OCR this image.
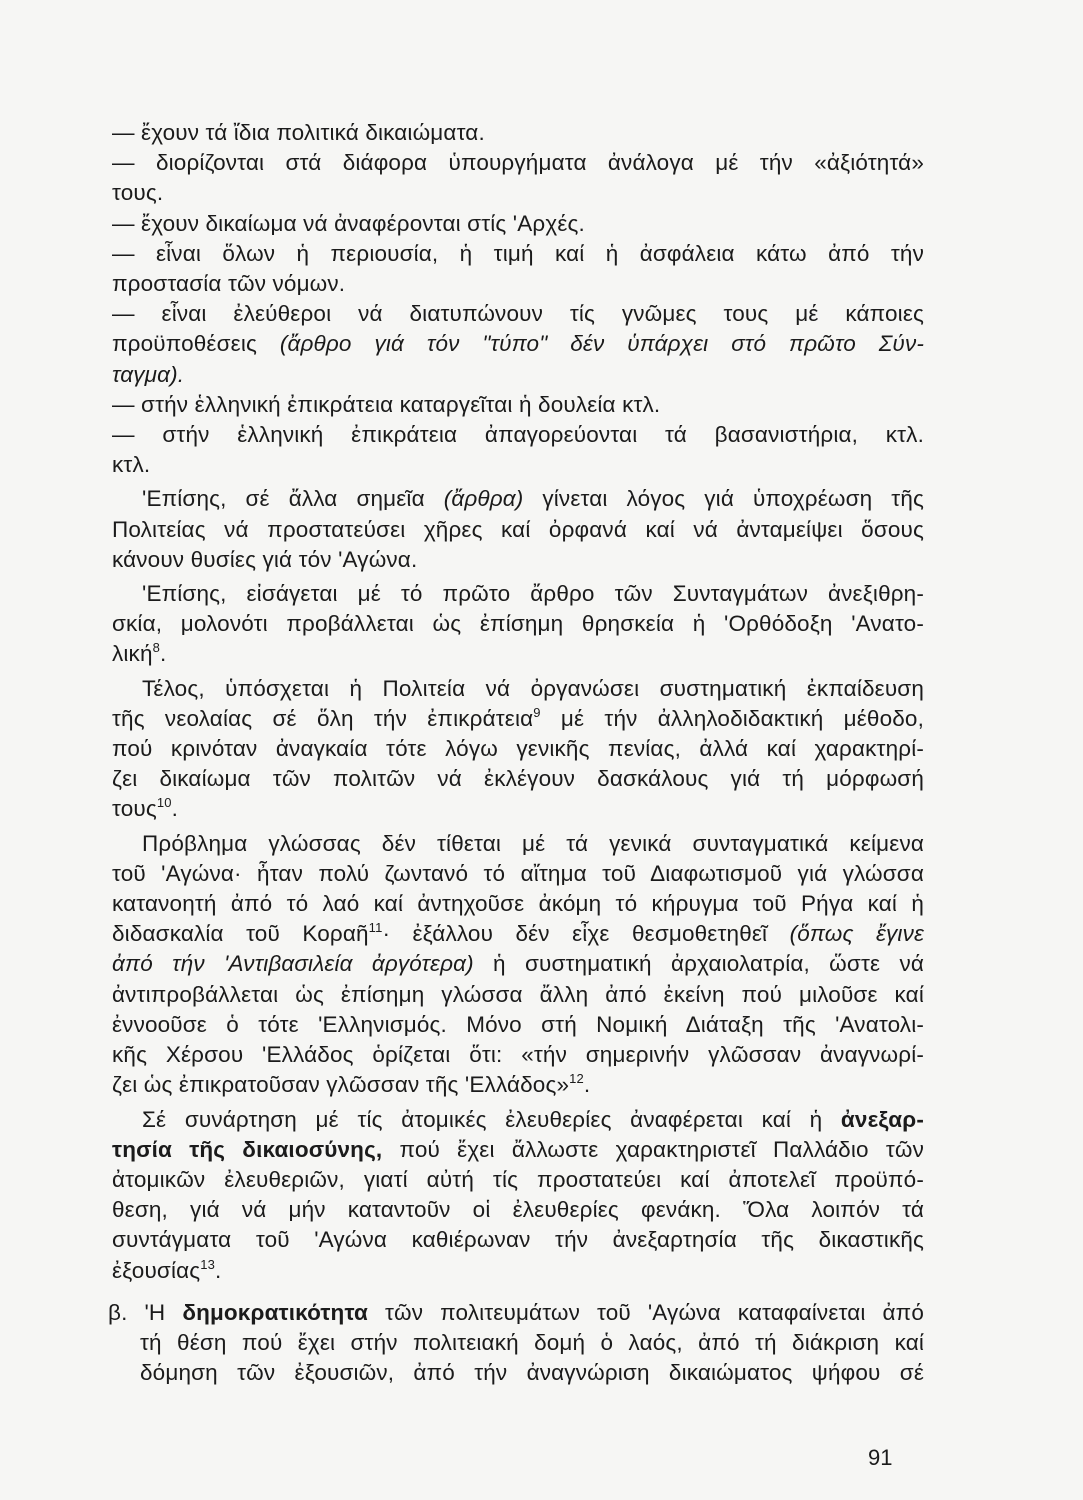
— ἔχουν τά ἴδια πολιτικά δικαιώματα.

— διορίζονται στά διάφορα ὑπουργήματα ἀνάλογα μέ τήν «ἀξιότητά»

τους.

— ἔχουν δικαίωμα νά ἀναφέρονται στίς 'Αρχές.

— εἶναι ὅλων ἡ περιουσία, ἡ τιμή καί ἡ ἀσφάλεια κάτω ἀπό τήν

προστασία τῶν νόμων.

— εἶναι ἐλεύθεροι νά διατυπώνουν τίς γνῶμες τους μέ κάποιες

προϋποθέσεις (ἄρθρο γιά τόν "τύπο" δέν ὑπάρχει στό πρῶτο Σύν-

ταγμα).

— στήν ἑλληνική ἐπικράτεια καταργεῖται ἡ δουλεία κτλ.

— στήν ἑλληνική ἐπικράτεια ἀπαγορεύονται τά βασανιστήρια, κτλ.

κτλ.

'Επίσης, σέ ἄλλα σημεῖα (ἄρθρα) γίνεται λόγος γιά ὑποχρέωση τῆς

Πολιτείας νά προστατεύσει χῆρες καί ὀρφανά καί νά ἀνταμείψει ὅσους

κάνουν θυσίες γιά τόν 'Αγώνα.

'Επίσης, εἰσάγεται μέ τό πρῶτο ἄρθρο τῶν Συνταγμάτων ἀνεξιθρη-

σκία, μολονότι προβάλλεται ὡς ἐπίσημη θρησκεία ἡ 'Ορθόδοξη 'Ανατο-

λική$^8$.

Τέλος, ὑπόσχεται ἡ Πολιτεία νά ὀργανώσει συστηματική ἐκπαίδευση

τῆς νεολαίας σέ ὅλη τήν ἐπικράτεια$^9$ μέ τήν ἀλληλοδιδακτική μέθοδο,

πού κρινόταν ἀναγκαία τότε λόγω γενικῆς πενίας, ἀλλά καί χαρακτηρί-

ζει δικαίωμα τῶν πολιτῶν νά ἐκλέγουν δασκάλους γιά τή μόρφωσή

τους$^{10}$.

Πρόβλημα γλώσσας δέν τίθεται μέ τά γενικά συνταγματικά κείμενα

τοῦ 'Αγώνα· ἦταν πολύ ζωντανό τό αἴτημα τοῦ Διαφωτισμοῦ γιά γλώσσα

κατανοητή ἀπό τό λαό καί ἀντηχοῦσε ἀκόμη τό κήρυγμα τοῦ Ρήγα καί ἡ

διδασκαλία τοῦ Κοραῆ$^{11}$· ἐξάλλου δέν εἶχε θεσμοθετηθεῖ (ὅπως ἔγινε

ἀπό τήν 'Αντιβασιλεία ἀργότερα) ἡ συστηματική ἀρχαιολατρία, ὥστε νά

ἀντιπροβάλλεται ὡς ἐπίσημη γλώσσα ἄλλη ἀπό ἐκείνη πού μιλοῦσε καί

ἐννοοῦσε ὁ τότε 'Ελληνισμός. Μόνο στή Νομική Διάταξη τῆς 'Ανατολι-

κῆς Χέρσου 'Ελλάδος ὁρίζεται ὅτι: «τήν σημερινήν γλῶσσαν ἀναγνωρί-

ζει ὡς ἐπικρατοῦσαν γλῶσσαν τῆς 'Ελλάδος»$^{12}$.

Σέ συνάρτηση μέ τίς ἀτομικές ἐλευθερίες ἀναφέρεται καί ἡ ἀνεξαρ-

τησία τῆς δικαιοσύνης, πού ἔχει ἄλλωστε χαρακτηριστεῖ Παλλάδιο τῶν

ἀτομικῶν ἐλευθεριῶν, γιατί αὐτή τίς προστατεύει καί ἀποτελεῖ προϋπό-

θεση, γιά νά μήν καταντοῦν οἱ ἐλευθερίες φενάκη. Ὅλα λοιπόν τά

συντάγματα τοῦ 'Αγώνα καθιέρωναν τήν ἀνεξαρτησία τῆς δικαστικῆς

ἐξουσίας$^{13}$.

β. 'Η δημοκρατικότητα τῶν πολιτευμάτων τοῦ 'Αγώνα καταφαίνεται ἀπό

τή θέση πού ἔχει στήν πολιτειακή δομή ὁ λαός, ἀπό τή διάκριση καί

δόμηση τῶν ἐξουσιῶν, ἀπό τήν ἀναγνώριση δικαιώματος ψήφου σέ

91
